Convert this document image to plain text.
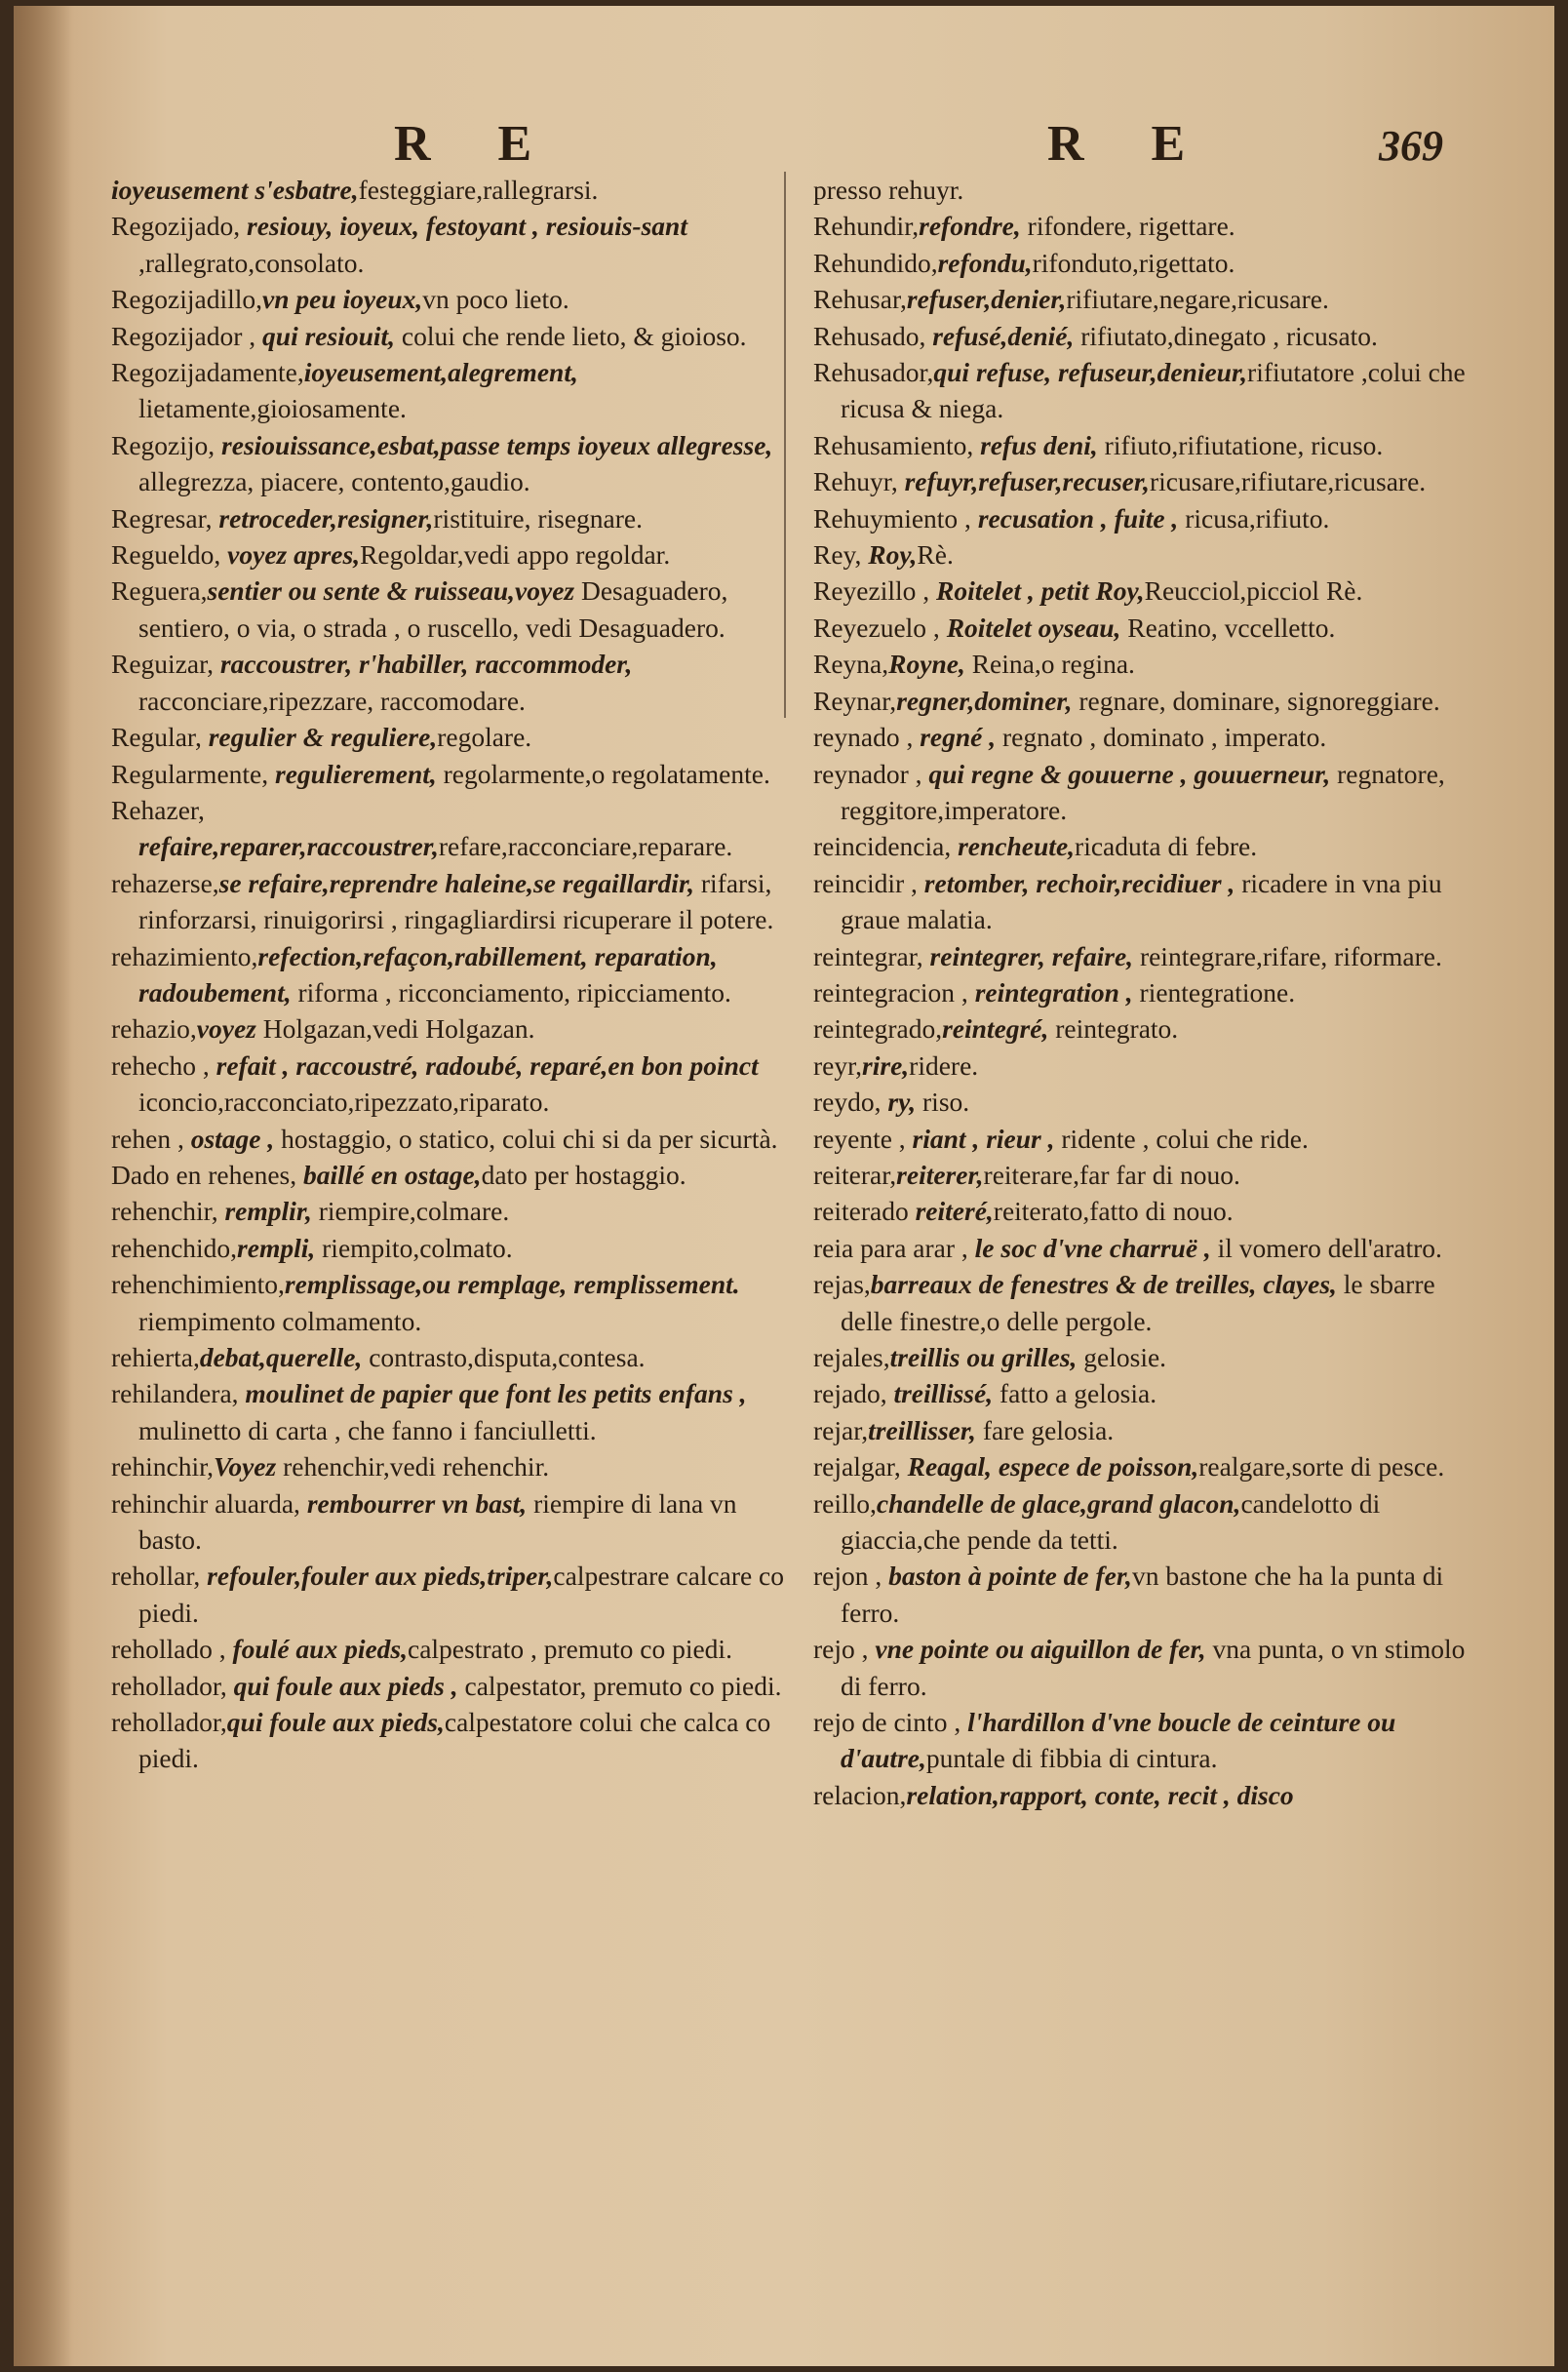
R E	R E	369

ioyeusement s'esbatre,festeggiare,rallegrarsi.

Regozijado, resiouy, ioyeux, festoyant , resiouis-sant ,rallegrato,consolato.

Regozijadillo,vn peu ioyeux,vn poco lieto.

Regozijador , qui resiouit, colui che rende lieto, & gioioso.

Regozijadamente,ioyeusement,alegrement, lietamente,gioiosamente.

Regozijo, resiouissance,esbat,passe temps ioyeux allegresse, allegrezza, piacere, contento,gaudio.

Regresar, retroceder,resigner,ristituire, risegnare.

Regueldo, voyez apres,Regoldar,vedi appo regoldar.

Reguera,sentier ou sente & ruisseau,voyez Desaguadero, sentiero, o via, o strada , o ruscello, vedi Desaguadero.

Reguizar, raccoustrer, r'habiller, raccommoder, racconciare,ripezzare, raccomodare.

Regular, regulier & reguliere,regolare.

Regularmente, regulierement, regolarmente,o regolatamente.

Rehazer, refaire,reparer,raccoustrer,refare,racconciare,reparare.

rehazerse,se refaire,reprendre haleine,se regaillardir, rifarsi, rinforzarsi, rinuigorirsi , ringagliardirsi ricuperare il potere.

rehazimiento,refection,refaçon,rabillement, reparation, radoubement, riforma , ricconciamento, ripicciamento.

rehazio,voyez Holgazan,vedi Holgazan.

rehecho , refait , raccoustré, radoubé, reparé,en bon poinct iconcio,racconciato,ripezzato,riparato.

rehen , ostage , hostaggio, o statico, colui chi si da per sicurtà.

Dado en rehenes, baillé en ostage,dato per hostaggio.

rehenchir, remplir, riempire,colmare.

rehenchido,rempli, riempito,colmato.

rehenchimiento,remplissage,ou remplage, remplissement. riempimento colmamento.

rehierta,debat,querelle, contrasto,disputa,contesa.

rehilandera, moulinet de papier que font les petits enfans , mulinetto di carta , che fanno i fanciulletti.

rehinchir,Voyez rehenchir,vedi rehenchir.

rehinchir aluarda, rembourrer vn bast, riempire di lana vn basto.

rehollar, refouler,fouler aux pieds,triper,calpestrare calcare co piedi.

rehollado , foulé aux pieds,calpestrato , premuto co piedi.

rehollador, qui foule aux pieds , calpestator, premuto co piedi.

rehollador,qui foule aux pieds,calpestatore colui che calca co piedi.

presso rehuyr.

Rehundir,refondre, rifondere, rigettare.

Rehundido,refondu,rifonduto,rigettato.

Rehusar,refuser,denier,rifiutare,negare,ricusare.

Rehusado, refusé,denié, rifiutato,dinegato , ricusato.

Rehusador,qui refuse, refuseur,denieur,rifiutatore ,colui che ricusa & niega.

Rehusamiento, refus deni, rifiuto,rifiutatione, ricuso.

Rehuyr, refuyr,refuser,recuser,ricusare,rifiutare,ricusare.

Rehuymiento , recusation , fuite , ricusa,rifiuto.

Rey, Roy,Rè.

Reyezillo , Roitelet , petit Roy,Reucciol,picciol Rè.

Reyezuelo , Roitelet oyseau, Reatino, vccelletto.

Reyna,Royne, Reina,o regina.

Reynar,regner,dominer, regnare, dominare, signoreggiare.

reynado , regné , regnato , dominato , imperato.

reynador , qui regne & gouuerne , gouuerneur, regnatore, reggitore,imperatore.

reincidencia, rencheute,ricaduta di febre.

reincidir , retomber, rechoir,recidiuer , ricadere in vna piu graue malatia.

reintegrar, reintegrer, refaire, reintegrare,rifare, riformare.

reintegracion , reintegration , rientegratione.

reintegrado,reintegré, reintegrato.

reyr,rire,ridere.

reydo, ry, riso.

reyente , riant , rieur , ridente , colui che ride.

reiterar,reiterer,reiterare,far far di nouo.

reiterado reiteré,reiterato,fatto di nouo.

reia para arar , le soc d'vne charruë , il vomero dell'aratro.

rejas,barreaux de fenestres & de treilles, clayes, le sbarre delle finestre,o delle pergole.

rejales,treillis ou grilles, gelosie.

rejado, treillissé, fatto a gelosia.

rejar,treillisser, fare gelosia.

rejalgar, Reagal, espece de poisson,realgare,sorte di pesce.

reillo,chandelle de glace,grand glacon,candelotto di giaccia,che pende da tetti.

rejon , baston à pointe de fer,vn bastone che ha la punta di ferro.

rejo , vne pointe ou aiguillon de fer, vna punta, o vn stimolo di ferro.

rejo de cinto , l'hardillon d'vne boucle de ceinture ou d'autre,puntale di fibbia di cintura.

relacion,relation,rapport, conte, recit , disco
